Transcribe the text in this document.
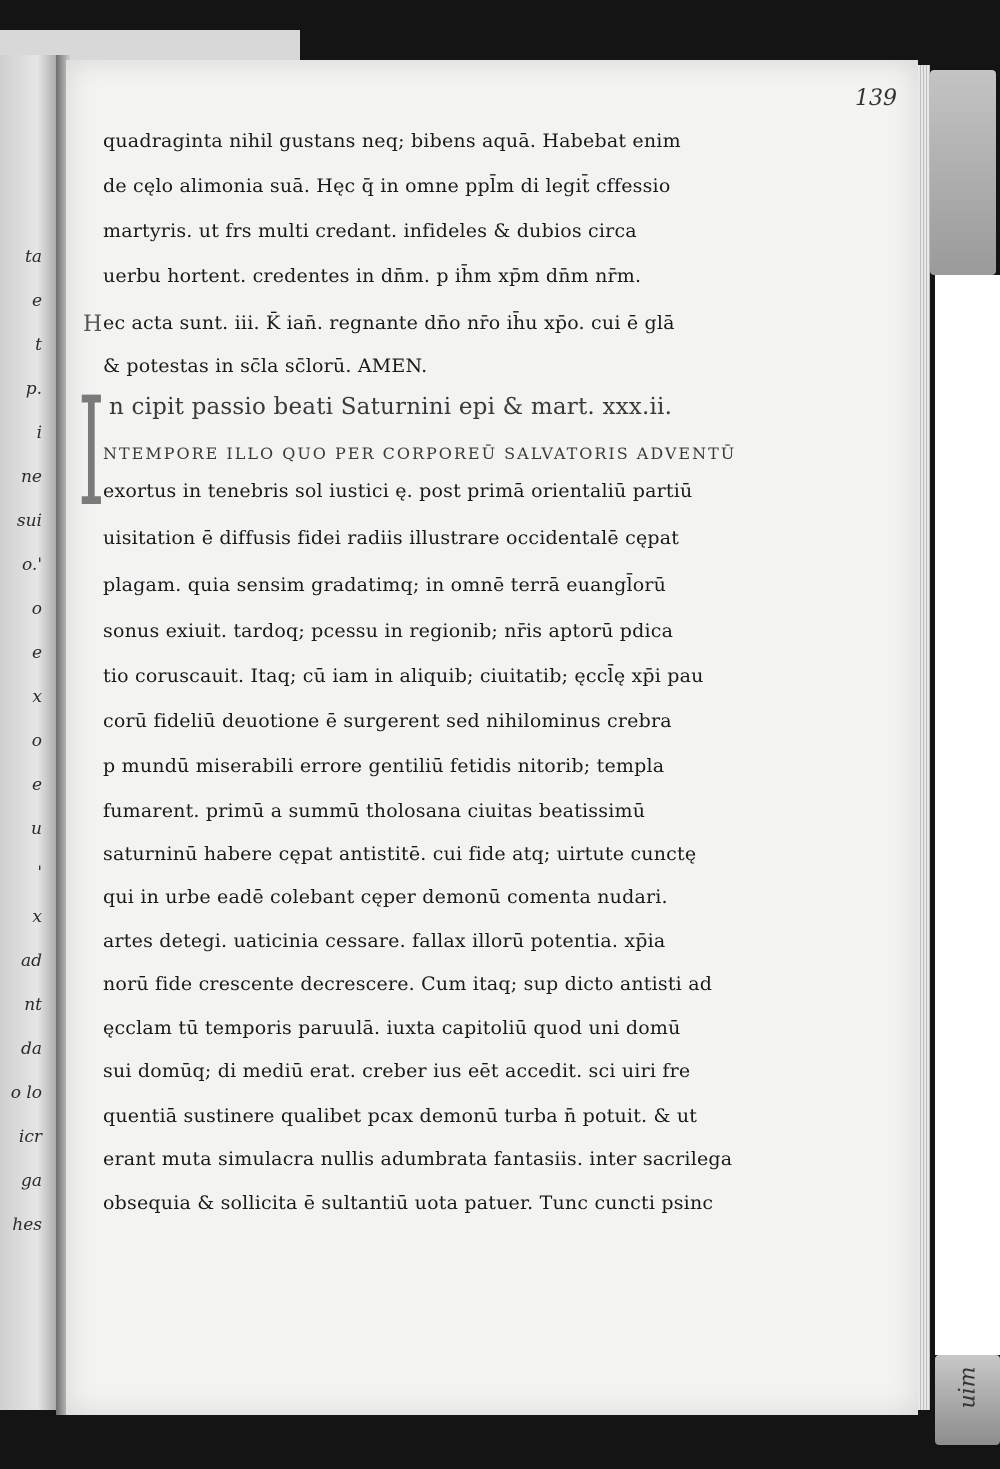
ta
e
t
p.
i
ne
sui
o.'
o
e
x
o
e
u
'
x
ad
nt
da
o lo
icr
ga
hes
uim
139
H
I
quadraginta nihil gustans neq; bibens aquā. Habebat enim
de cęlo alimonia suā. Hęc q̄ in omne ppl̄m di̇ legit̄ cffessio
martyris. ut frs multi credant. infideles & dubios circa
uerbu hortent. credentes in dn̄m. p ih̄m xp̄m dn̄m nr̄m.
ec acta sunt. iii. K̄ ian̄. regnante dn̄o nr̄o ih̄u xp̄o. cui ē glā
& potestas in sc̄la sc̄lorū. AMEN.
n cipit passio beati Saturnini epi & mart. xxx.ii.
NTEMPORE ILLO QUO PER CORPOREŪ SALVATORIS ADVENTŪ
exortus in tenebris sol iustici ę. post primā orientaliū partiū
uisitation ē diffusis fidei radiis illustrare occidentalē cępat
plagam. quia sensim gradatimq; in omnē terrā euangl̄orū
sonus exiuit. tardoq; pcessu in regionib; nr̄is aptorū pdica
tio coruscauit. Itaq; cū iam in aliquib; ciuitatib; ęccl̄ę xp̄i pau
corū fideliū deuotione ē surgerent sed nihilominus crebra
p mundū miserabili errore gentiliū fetidis nitorib; templa
fumarent. primū a summū tholosana ciuitas beatissimū
saturninū habere cępat antistitē. cui fide atq; uirtute cunctę
qui in urbe eadē colebant cęper demonū comenta nudari.
artes detegi. uaticinia cessare. fallax illorū potentia. xp̄ia
norū fide crescente decrescere. Cum itaq; sup dicto antisti ad
ęcclam tū temporis paruulā. iuxta capitoliū quod uni domū
sui domūq; di̇ mediū erat. creber ius eēt accedit. sci uiri fre
quentiā sustinere qualibet pcax demonū turba n̄ potuit. & ut
erant muta simulacra nullis adumbrata fantasiis. inter sacrilega
obsequia & sollicita ē sultantiū uota patuer. Tunc cuncti psinc
